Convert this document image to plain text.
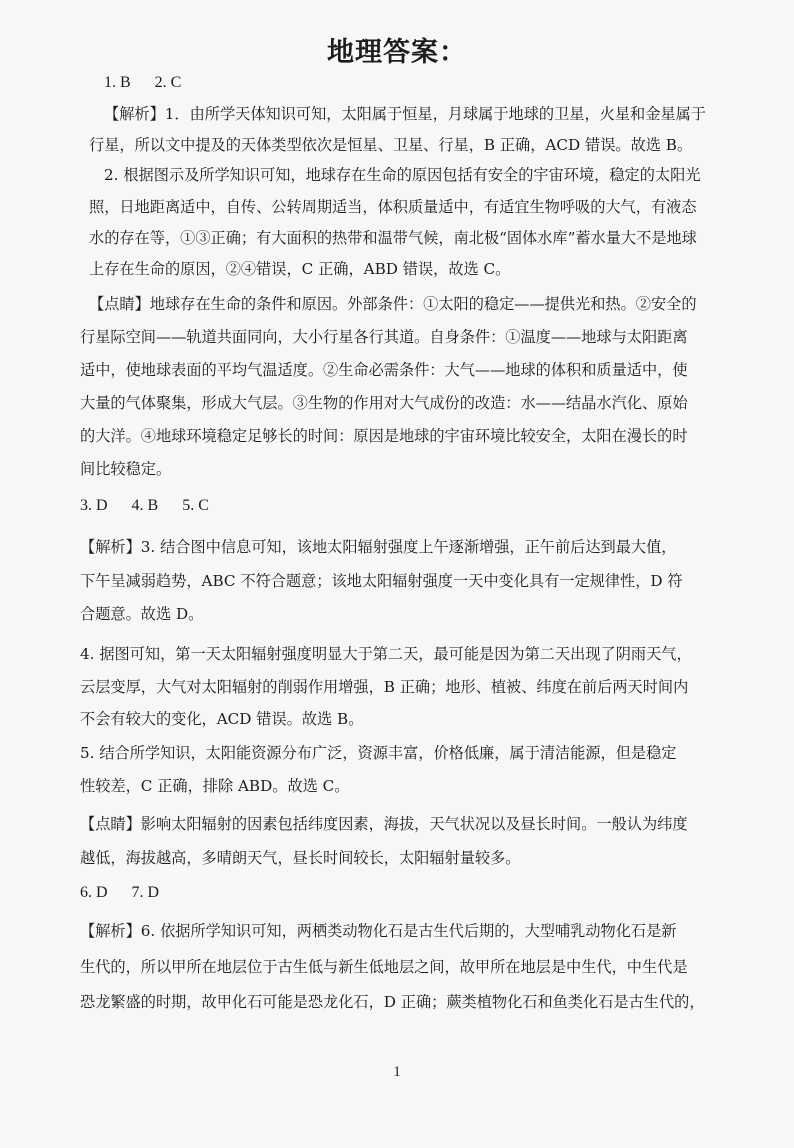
地理答案：
1. B 　 2. C
【解析】1．由所学天体知识可知，太阳属于恒星，月球属于地球的卫星，火星和金星属于
行星，所以文中提及的天体类型依次是恒星、卫星、行星，B 正确，ACD 错误。故选 B。
2. 根据图示及所学知识可知，地球存在生命的原因包括有安全的宇宙环境，稳定的太阳光
照，日地距离适中，自传、公转周期适当，体积质量适中，有适宜生物呼吸的大气，有液态
水的存在等，①③正确；有大面积的热带和温带气候，南北极“固体水库”蓄水量大不是地球
上存在生命的原因，②④错误，C 正确，ABD 错误，故选 C。
【点睛】地球存在生命的条件和原因。外部条件：①太阳的稳定——提供光和热。②安全的
行星际空间——轨道共面同向，大小行星各行其道。自身条件：①温度——地球与太阳距离
适中，使地球表面的平均气温适度。②生命必需条件：大气——地球的体积和质量适中，使
大量的气体聚集，形成大气层。③生物的作用对大气成份的改造：水——结晶水汽化、原始
的大洋。④地球环境稳定足够长的时间：原因是地球的宇宙环境比较安全，太阳在漫长的时
间比较稳定。
3. D 　 4. B 　 5. C
【解析】3. 结合图中信息可知，该地太阳辐射强度上午逐渐增强，正午前后达到最大值，
下午呈减弱趋势，ABC 不符合题意；该地太阳辐射强度一天中变化具有一定规律性，D 符
合题意。故选 D。
4. 据图可知，第一天太阳辐射强度明显大于第二天，最可能是因为第二天出现了阴雨天气，
云层变厚，大气对太阳辐射的削弱作用增强，B 正确；地形、植被、纬度在前后两天时间内
不会有较大的变化，ACD 错误。故选 B。
5. 结合所学知识，太阳能资源分布广泛，资源丰富，价格低廉，属于清洁能源，但是稳定
性较差，C 正确，排除 ABD。故选 C。
【点睛】影响太阳辐射的因素包括纬度因素，海拔，天气状况以及昼长时间。一般认为纬度
越低，海拔越高，多晴朗天气，昼长时间较长，太阳辐射量较多。
6. D 　 7. D
【解析】6. 依据所学知识可知，两栖类动物化石是古生代后期的，大型哺乳动物化石是新
生代的，所以甲所在地层位于古生低与新生低地层之间，故甲所在地层是中生代，中生代是
恐龙繁盛的时期，故甲化石可能是恐龙化石，D 正确；蕨类植物化石和鱼类化石是古生代的，
1
